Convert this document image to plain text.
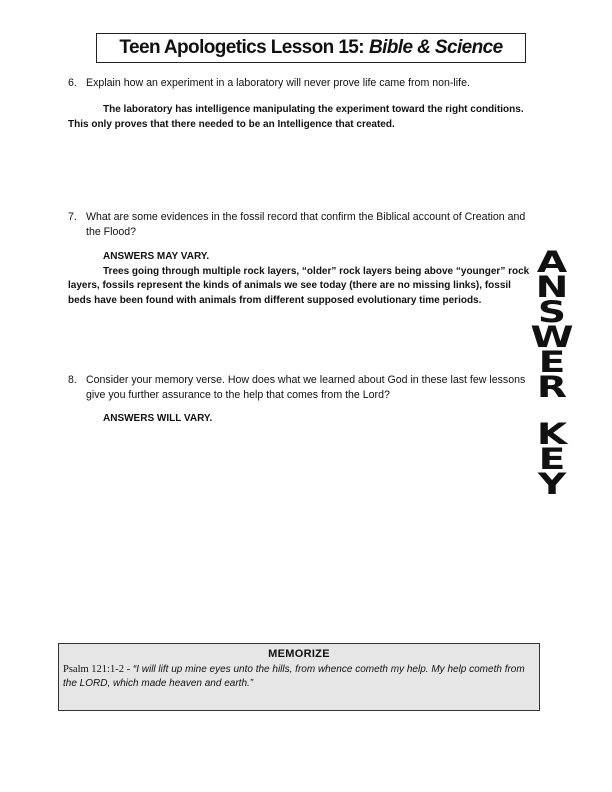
Teen Apologetics Lesson 15: Bible & Science
6. Explain how an experiment in a laboratory will never prove life came from non-life.

The laboratory has intelligence manipulating the experiment toward the right conditions. This only proves that there needed to be an Intelligence that created.

7. What are some evidences in the fossil record that confirm the Biblical account of Creation and the Flood?

ANSWERS MAY VARY.

Trees going through multiple rock layers, “older” rock layers being above “younger” rock layers, fossils represent the kinds of animals we see today (there are no missing links), fossil beds have been found with animals from different supposed evolutionary time periods.

8. Consider your memory verse. How does what we learned about God in these last few lessons give you further assurance to the help that comes from the Lord?

ANSWERS WILL VARY.

A
N
S
W
E
R
K
E
Y
MEMORIZE
Psalm 121:1-2 - “I will lift up mine eyes unto the hills, from whence cometh my help. My help cometh from the LORD, which made heaven and earth.”
